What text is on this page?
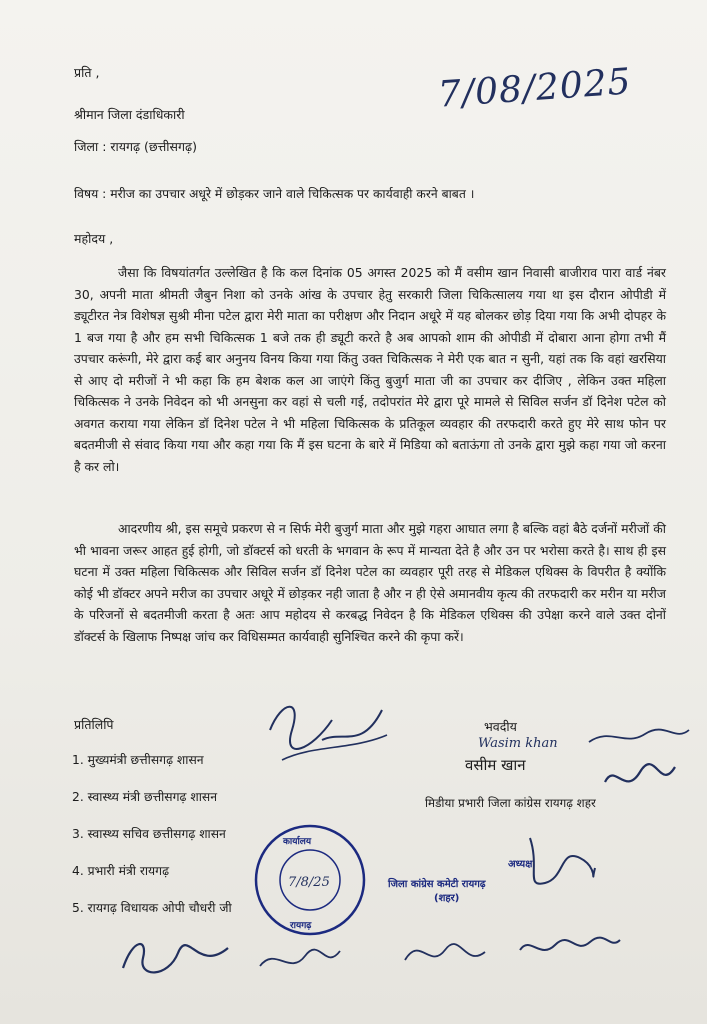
प्रति ,
श्रीमान जिला दंडाधिकारी
जिला : रायगढ़ (छत्तीसगढ़)
7/08/2025
विषय : मरीज का उपचार अधूरे में छोड़कर जाने वाले चिकित्सक पर कार्यवाही करने बाबत ।
महोदय ,
जैसा कि विषयांतर्गत उल्लेखित है कि कल दिनांक 05 अगस्त 2025 को मैं वसीम खान निवासी बाजीराव पारा वार्ड नंबर 30, अपनी माता श्रीमती जैबुन निशा को उनके आंख के उपचार हेतु सरकारी जिला चिकित्सालय गया था इस दौरान ओपीडी में ड्यूटीरत नेत्र विशेषज्ञ सुश्री मीना पटेल द्वारा मेरी माता का परीक्षण और निदान अधूरे में यह बोलकर छोड़ दिया गया कि अभी दोपहर के 1 बज गया है और हम सभी चिकित्सक 1 बजे तक ही ड्यूटी करते है अब आपको शाम की ओपीडी में दोबारा आना होगा तभी मैं उपचार करूंगी, मेरे द्वारा कई बार अनुनय विनय किया गया किंतु उक्त चिकित्सक ने मेरी एक बात न सुनी, यहां तक कि वहां खरसिया से आए दो मरीजों ने भी कहा कि हम बेशक कल आ जाएंगे किंतु बुजुर्ग माता जी का उपचार कर दीजिए , लेकिन उक्त महिला चिकित्सक ने उनके निवेदन को भी अनसुना कर वहां से चली गई, तदोपरांत मेरे द्वारा पूरे मामले से सिविल सर्जन डॉ दिनेश पटेल को अवगत कराया गया लेकिन डॉ दिनेश पटेल ने भी महिला चिकित्सक के प्रतिकूल व्यवहार की तरफदारी करते हुए मेरे साथ फोन पर बदतमीजी से संवाद किया गया और कहा गया कि मैं इस घटना के बारे में मिडिया को बताऊंगा तो उनके द्वारा मुझे कहा गया जो करना है कर लो।
आदरणीय श्री, इस समूचे प्रकरण से न सिर्फ मेरी बुजुर्ग माता और मुझे गहरा आघात लगा है बल्कि वहां बैठे दर्जनों मरीजों की भी भावना जरूर आहत हुई होगी, जो डॉक्टर्स को धरती के भगवान के रूप में मान्यता देते है और उन पर भरोसा करते है। साथ ही इस घटना में उक्त महिला चिकित्सक और सिविल सर्जन डॉ दिनेश पटेल का व्यवहार पूरी तरह से मेडिकल एथिक्स के विपरीत है क्योंकि कोई भी डॉक्टर अपने मरीज का उपचार अधूरे में छोड़कर नही जाता है और न ही ऐसे अमानवीय कृत्य की तरफदारी कर मरीन या मरीज के परिजनों से बदतमीजी करता है अतः आप महोदय से करबद्ध निवेदन है कि मेडिकल एथिक्स की उपेक्षा करने वाले उक्त दोनों डॉक्टर्स के खिलाफ निष्पक्ष जांच कर विधिसम्मत कार्यवाही सुनिश्चित करने की कृपा करें।
प्रतिलिपि
1. मुख्यमंत्री छत्तीसगढ़ शासन
2. स्वास्थ्य मंत्री छत्तीसगढ़ शासन
3. स्वास्थ्य सचिव छत्तीसगढ़ शासन
4. प्रभारी मंत्री रायगढ़
5. रायगढ़ विधायक ओपी चौधरी जी
भवदीय
Wasim khan
वसीम खान
मिडीया प्रभारी जिला कांग्रेस रायगढ़ शहर
कार्यालय
रायगढ़
7/8/25
अध्यक्ष
जिला कांग्रेस कमेटी रायगढ़
(शहर)
